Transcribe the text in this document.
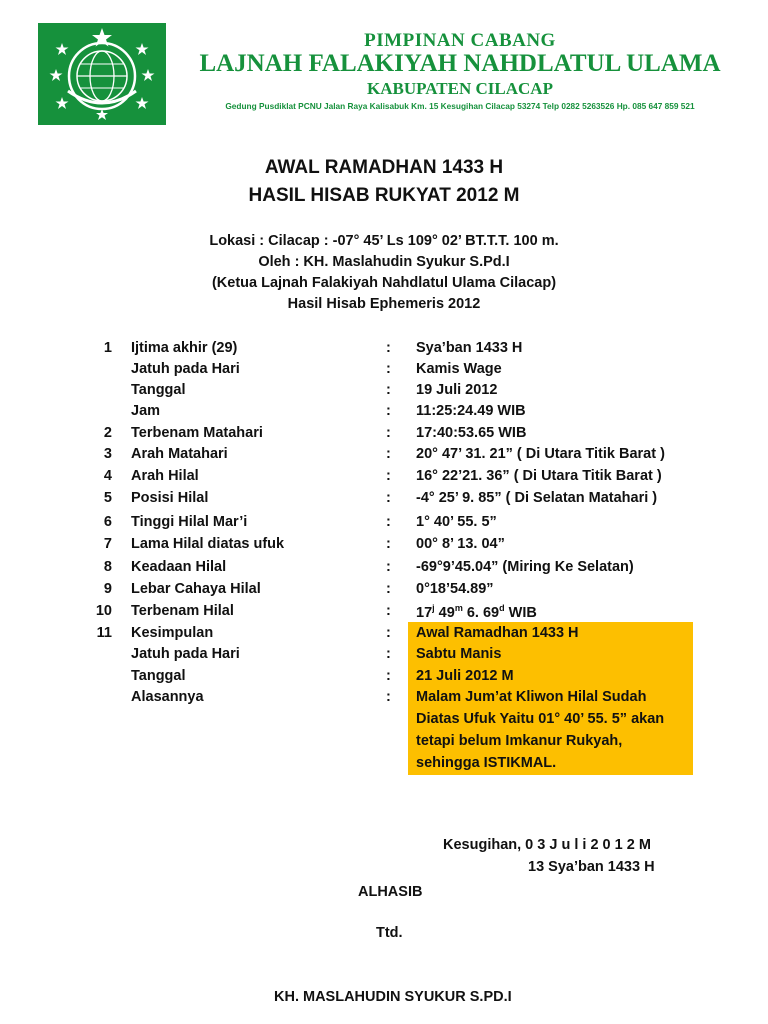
PIMPINAN CABANG
LAJNAH FALAKIYAH NAHDLATUL ULAMA
KABUPATEN CILACAP
Gedung Pusdiklat PCNU Jalan Raya Kalisabuk Km. 15 Kesugihan Cilacap 53274 Telp 0282 5263526 Hp. 085 647 859 521
AWAL RAMADHAN 1433 H
HASIL HISAB RUKYAT 2012 M
Lokasi : Cilacap : -07° 45’ Ls 109° 02’ BT.T.T. 100 m.
Oleh : KH. Maslahudin Syukur S.Pd.I
(Ketua Lajnah Falakiyah Nahdlatul Ulama Cilacap)
Hasil Hisab Ephemeris 2012
1 Ijtima akhir (29)	: Sya’ban 1433 H
Jatuh pada Hari	: Kamis Wage
Tanggal	: 19 Juli 2012
Jam	: 11:25:24.49 WIB
2 Terbenam Matahari	: 17:40:53.65 WIB
3 Arah Matahari	: 20° 47’ 31. 21” ( Di Utara Titik Barat )
4 Arah Hilal	: 16° 22’21. 36” ( Di Utara Titik Barat )
5 Posisi Hilal	: -4° 25’ 9. 85” ( Di Selatan Matahari )
6 Tinggi Hilal Mar’i	: 1° 40’ 55. 5”
7 Lama Hilal diatas ufuk	: 00° 8’ 13. 04”
8 Keadaan Hilal	: -69°9’45.04” (Miring Ke Selatan)
9 Lebar Cahaya Hilal	: 0°18’54.89”
10 Terbenam Hilal	: 17$^j$ 49$^m$ 6. 69$^d$ WIB
11 Kesimpulan	: Awal Ramadhan 1433 H
Jatuh pada Hari	: Sabtu Manis
Tanggal	: 21 Juli 2012 M
Alasannya	: Malam Jum’at Kliwon Hilal Sudah
Diatas Ufuk Yaitu 01° 40’ 55. 5” akan
tetapi belum Imkanur Rukyah,
sehingga ISTIKMAL.
Kesugihan, 0 3 J u l i 2 0 1 2 M
13 Sya’ban 1433 H
ALHASIB
Ttd.
KH. MASLAHUDIN SYUKUR S.PD.I
